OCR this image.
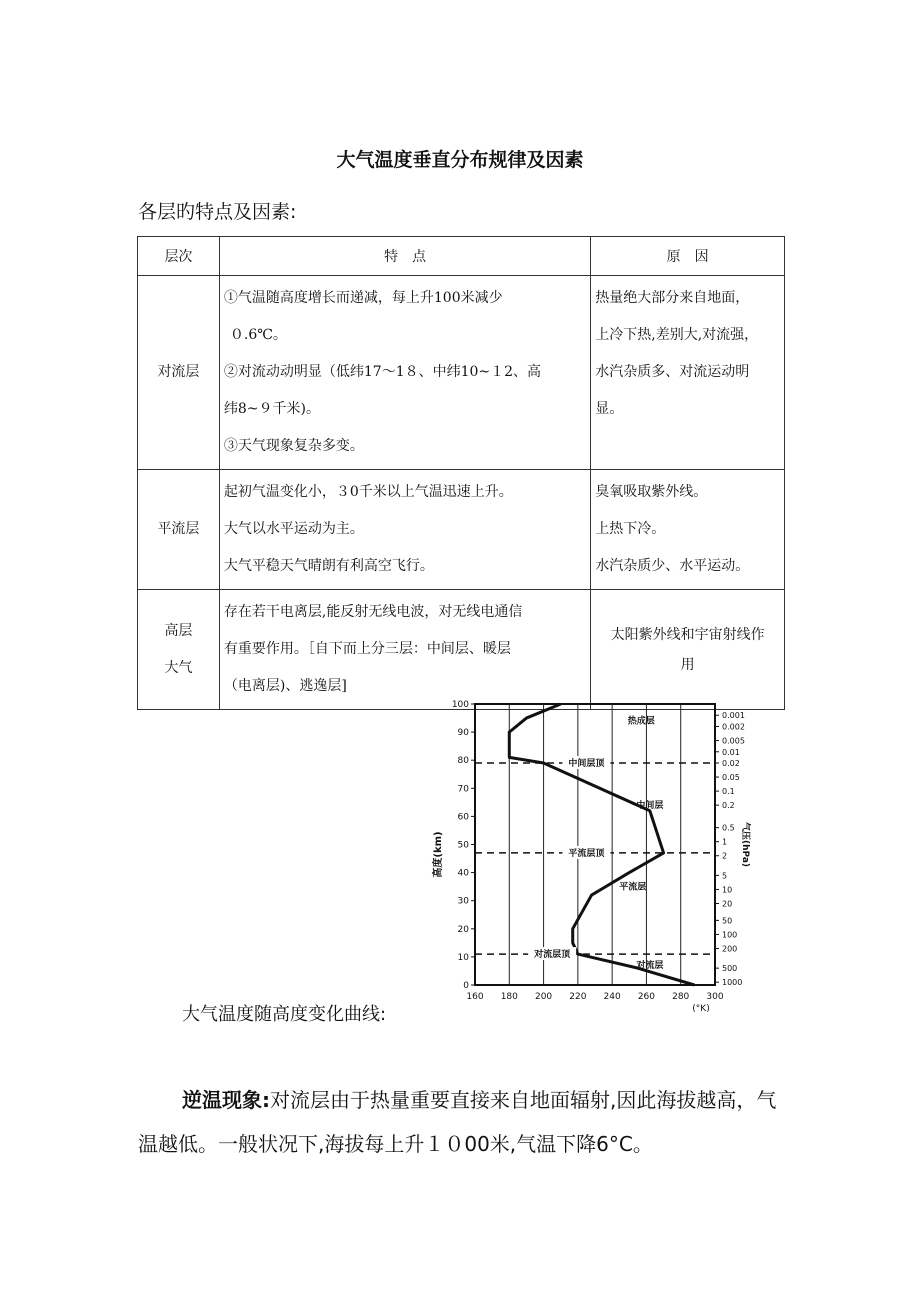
大气温度垂直分布规律及因素
各层旳特点及因素:
层次	特　点	原　因

对流层	①气温随高度增长而递减，每上升100米减少
０.6℃。
②对流动动明显（低纬17～1８、中纬10~１2、高
纬8~９千米)。
③天气现象复杂多变。	热量绝大部分来自地面，
上冷下热,差别大,对流强，
水汽杂质多、对流运动明
显。

平流层	起初气温变化小，３0千米以上气温迅速上升。
大气以水平运动为主。
大气平稳天气晴朗有利高空飞行。	臭氧吸取紫外线。
上热下冷。
水汽杂质少、水平运动。

高层
大气	存在若干电离层,能反射无线电波，对无线电通信
有重要作用。［自下而上分三层：中间层、暖层
（电离层)、逃逸层]	太阳紫外线和宇宙射线作
用
0
10
20
30
40
50
60
70
80
90
100
160 180 200 220 240 260 280 300
(°K)
高度(km)
0.001
0.002
0.005
0.01
0.02
0.05
0.1
0.2
0.5
1
2
5
10
20
50
100
200
500
1000
气压(hPa)
对流层顶
平流层顶
中间层顶
对流层
平流层
中间层
热成层
大气温度随高度变化曲线:
逆温现象:对流层由于热量重要直接来自地面辐射,因此海拔越高，气温越低。一般状况下,海拔每上升１０00米,气温下降6°C。
